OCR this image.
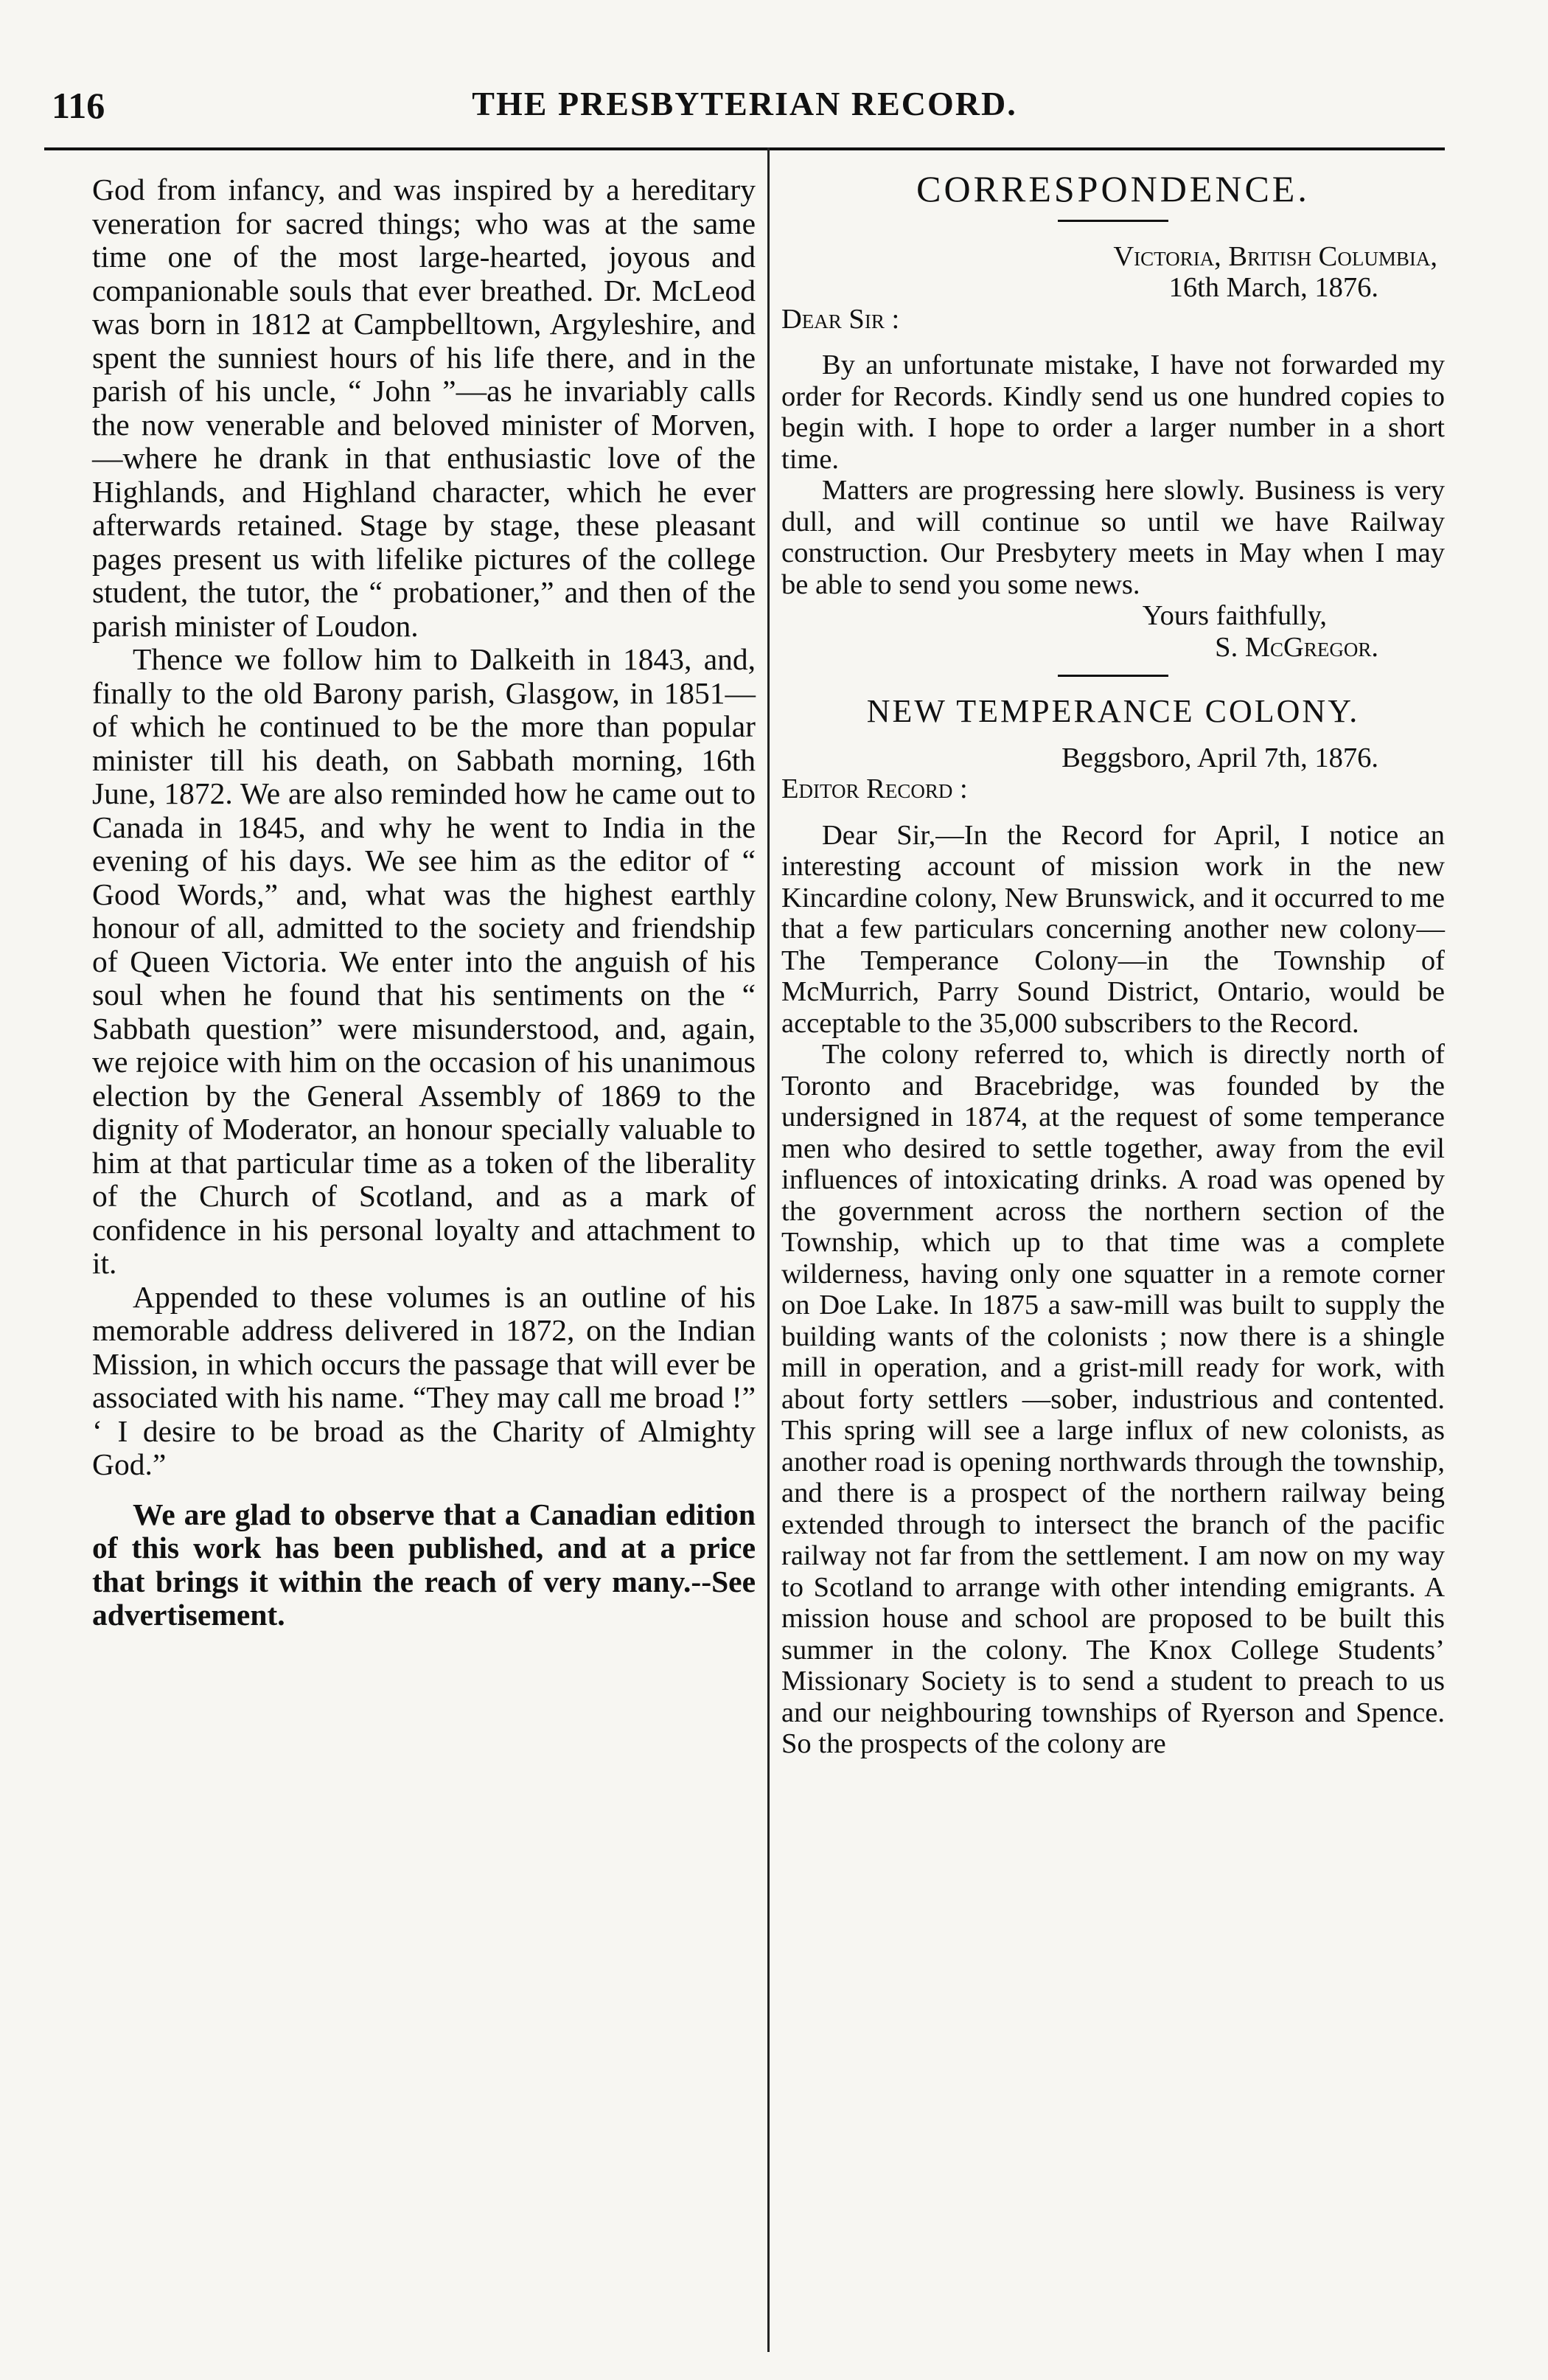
116	THE PRESBYTERIAN RECORD.

God from infancy, and was inspired by a hereditary veneration for sacred things; who was at the same time one of the most large-hearted, joyous and companionable souls that ever breathed. Dr. McLeod was born in 1812 at Campbelltown, Argyleshire, and spent the sunniest hours of his life there, and in the parish of his uncle, “ John ”—as he invariably calls the now venerable and beloved minister of Morven,—where he drank in that enthusiastic love of the Highlands, and Highland character, which he ever afterwards retained. Stage by stage, these pleasant pages present us with lifelike pictures of the college student, the tutor, the “ probationer,” and then of the parish minister of Loudon.

Thence we follow him to Dalkeith in 1843, and, finally to the old Barony parish, Glasgow, in 1851—of which he continued to be the more than popular minister till his death, on Sabbath morning, 16th June, 1872. We are also reminded how he came out to Canada in 1845, and why he went to India in the evening of his days. We see him as the editor of “ Good Words,” and, what was the highest earthly honour of all, admitted to the society and friendship of Queen Victoria. We enter into the anguish of his soul when he found that his sentiments on the “ Sabbath question” were misunderstood, and, again, we rejoice with him on the occasion of his unanimous election by the General Assembly of 1869 to the dignity of Moderator, an honour specially valuable to him at that particular time as a token of the liberality of the Church of Scotland, and as a mark of confidence in his personal loyalty and attachment to it.

Appended to these volumes is an outline of his memorable address delivered in 1872, on the Indian Mission, in which occurs the passage that will ever be associated with his name. “They may call me broad !” ‘ I desire to be broad as the Charity of Almighty God.”

We are glad to observe that a Canadian edition of this work has been published, and at a price that brings it within the reach of very many.--See advertisement.

CORRESPONDENCE.
Victoria, British Columbia,
16th March, 1876.
Dear Sir :

By an unfortunate mistake, I have not forwarded my order for Records. Kindly send us one hundred copies to begin with. I hope to order a larger number in a short time.

Matters are progressing here slowly. Business is very dull, and will continue so until we have Railway construction. Our Presbytery meets in May when I may be able to send you some news.

Yours faithfully,
S. McGregor.
NEW TEMPERANCE COLONY.
Beggsboro, April 7th, 1876.
Editor Record :

Dear Sir,—In the Record for April, I notice an interesting account of mission work in the new Kincardine colony, New Brunswick, and it occurred to me that a few particulars concerning another new colony—The Temperance Colony—in the Township of McMurrich, Parry Sound District, Ontario, would be acceptable to the 35,000 subscribers to the Record.

The colony referred to, which is directly north of Toronto and Bracebridge, was founded by the undersigned in 1874, at the request of some temperance men who desired to settle together, away from the evil influences of intoxicating drinks. A road was opened by the government across the northern section of the Township, which up to that time was a complete wilderness, having only one squatter in a remote corner on Doe Lake. In 1875 a saw-mill was built to supply the building wants of the colonists ; now there is a shingle mill in operation, and a grist-mill ready for work, with about forty settlers —sober, industrious and contented. This spring will see a large influx of new colonists, as another road is opening northwards through the township, and there is a prospect of the northern railway being extended through to intersect the branch of the pacific railway not far from the settlement. I am now on my way to Scotland to arrange with other intending emigrants. A mission house and school are proposed to be built this summer in the colony. The Knox College Students’ Missionary Society is to send a student to preach to us and our neighbouring townships of Ryerson and Spence. So the prospects of the colony are
